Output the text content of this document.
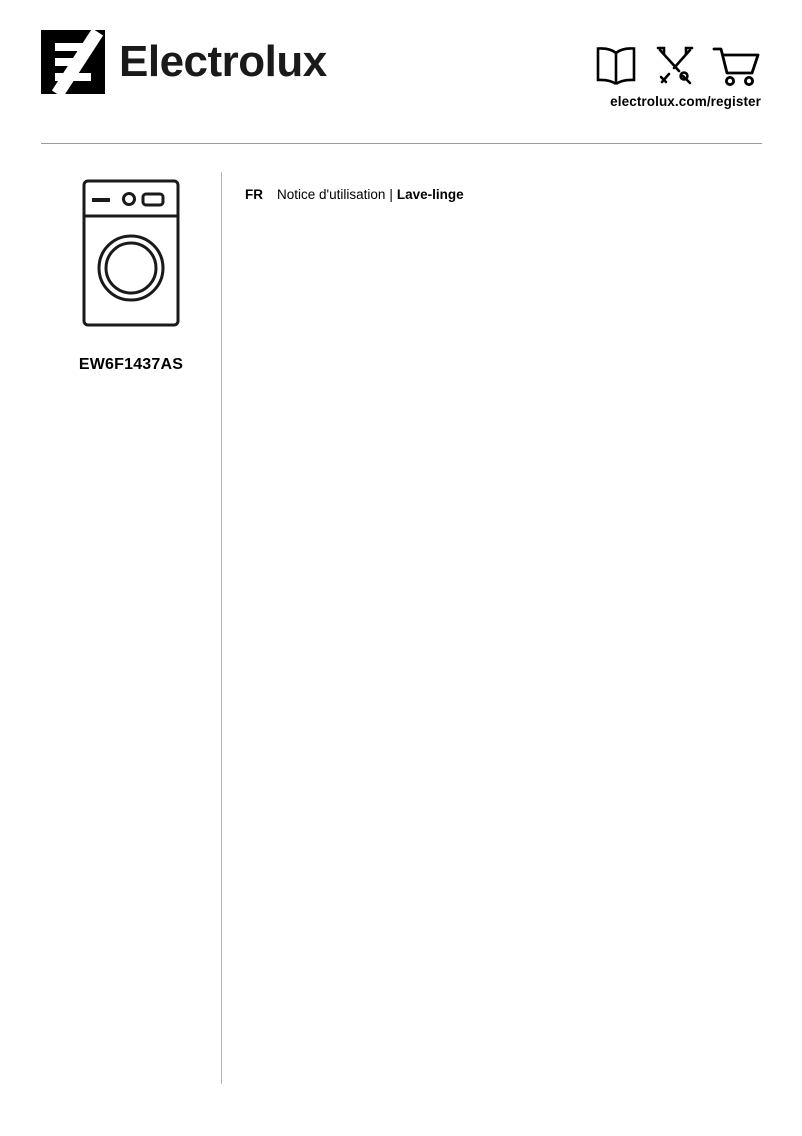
Electrolux
electrolux.com/register
EW6F1437AS
FR Notice d'utilisation | Lave-linge
